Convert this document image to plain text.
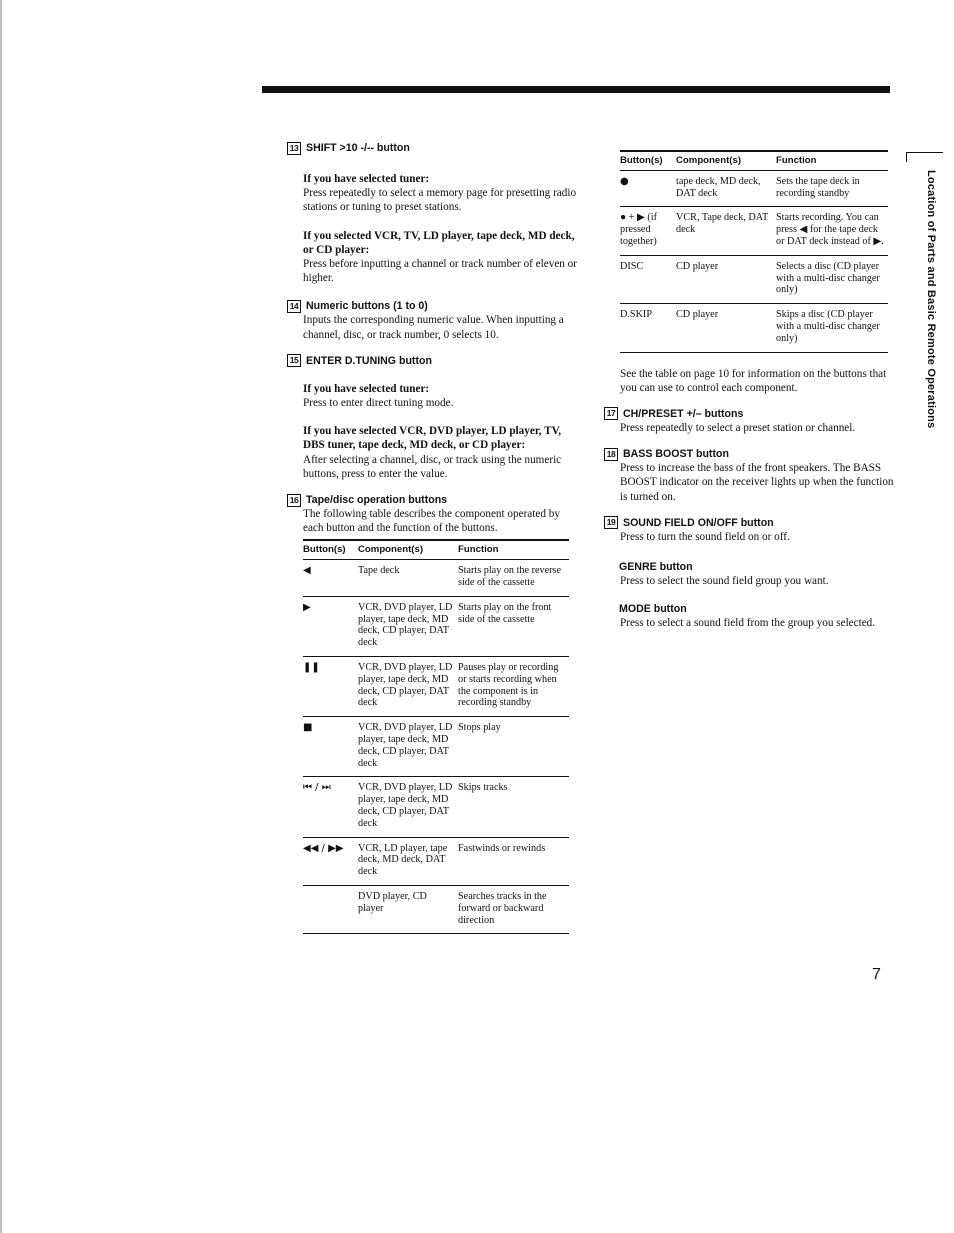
13 SHIFT >10 -/-- button

If you have selected tuner:

Press repeatedly to select a memory page for presetting radio stations or tuning to preset stations.

If you selected VCR, TV, LD player, tape deck, MD deck, or CD player:

Press before inputting a channel or track number of eleven or higher.

14 Numeric buttons (1 to 0)

Inputs the corresponding numeric value. When inputting a channel, disc, or track number, 0 selects 10.

15 ENTER D.TUNING button

If you have selected tuner:

Press to enter direct tuning mode.

If you have selected VCR, DVD player, LD player, TV, DBS tuner, tape deck, MD deck, or CD player:

After selecting a channel, disc, or track using the numeric buttons, press to enter the value.

16 Tape/disc operation buttons

The following table describes the component operated by each button and the function of the buttons.

Button(s)	Component(s)	Function
◀	Tape deck	Starts play on the reverse side of the cassette
▶	VCR, DVD player, LD player, tape deck, MD deck, CD player, DAT deck	Starts play on the front side of the cassette
❚❚	VCR, DVD player, LD player, tape deck, MD deck, CD player, DAT deck	Pauses play or recording or starts recording when the component is in recording standby
■	VCR, DVD player, LD player, tape deck, MD deck, CD player, DAT deck	Stops play
⏮ / ⏭	VCR, DVD player, LD player, tape deck, MD deck, CD player, DAT deck	Skips tracks
◀◀ / ▶▶	VCR, LD player, tape deck, MD deck, DAT deck	Fastwinds or rewinds
	DVD player, CD player	Searches tracks in the forward or backward direction
Button(s)	Component(s)	Function
●	tape deck, MD deck, DAT deck	Sets the tape deck in recording standby
● + ▶ (if pressed together)	VCR, Tape deck, DAT deck	Starts recording. You can press ◀ for the tape deck or DAT deck instead of ▶.
DISC	CD player	Selects a disc (CD player with a multi-disc changer only)
D.SKIP	CD player	Skips a disc (CD player with a multi-disc changer only)

See the table on page 10 for information on the buttons that you can use to control each component.

17 CH/PRESET +/– buttons

Press repeatedly to select a preset station or channel.

18 BASS BOOST button

Press to increase the bass of the front speakers. The BASS BOOST indicator on the receiver lights up when the function is turned on.

19 SOUND FIELD ON/OFF button

Press to turn the sound field on or off.

GENRE button

Press to select the sound field group you want.

MODE button

Press to select a sound field from the group you selected.

Location of Parts and Basic Remote Operations
7
